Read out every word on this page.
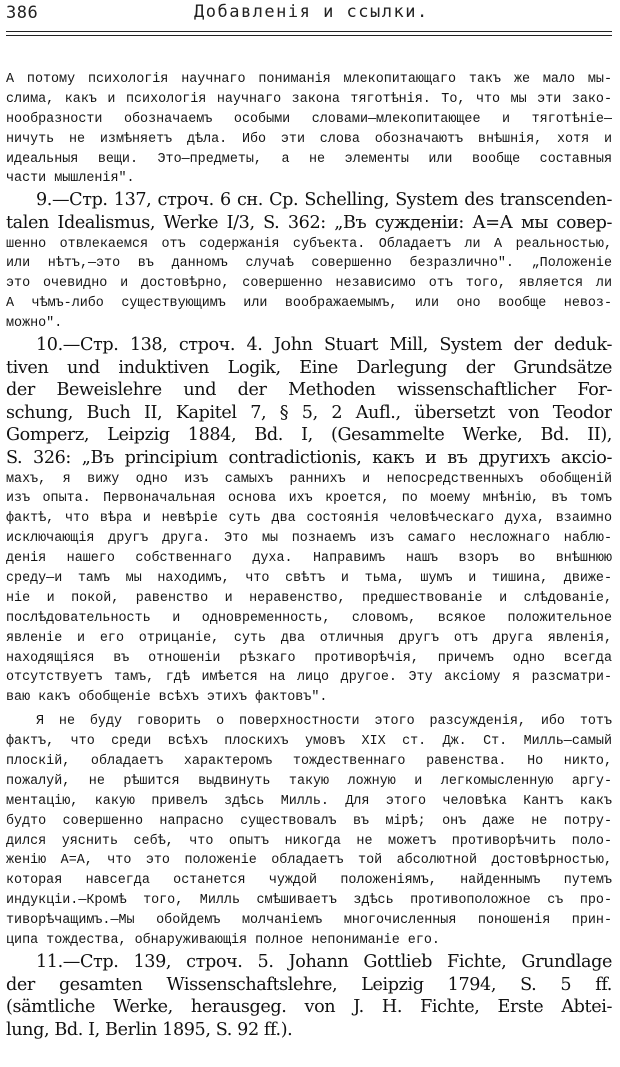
386	Добавленія и ссылки.
А потому психологія научнаго пониманія млекопитающаго такъ же мало мы-
слима, какъ и психологія научнаго закона тяготѣнія. То, что мы эти зако-
нообразности обозначаемъ особыми словами—млекопитающее и тяготѣніе—
ничуть не измѣняетъ дѣла. Ибо эти слова обозначаютъ внѣшнія, хотя и
идеальныя вещи. Это—предметы, а не элементы или вообще составныя
части мышленія".
9.—Стр. 137, строч. 6 сн. Cp. Schelling, System des transcenden-
talen Idealismus, Werke I/3, S. 362: „Въ сужденіи: А=А мы совер-
шенно отвлекаемся отъ содержанія субъекта. Обладаетъ ли А реальностью,
или нѣтъ,—это въ данномъ случаѣ совершенно безразлично". „Положеніе
это очевидно и достовѣрно, совершенно независимо отъ того, является ли
А чѣмъ-либо существующимъ или воображаемымъ, или оно вообще невоз-
можно".
10.—Стр. 138, строч. 4. John Stuart Mill, System der deduk-
tiven und induktiven Logik, Eine Darlegung der Grundsätze
der Beweislehre und der Methoden wissenschaftlicher For-
schung, Buch II, Kapitel 7, § 5, 2 Aufl., übersetzt von Teodor
Gomperz, Leipzig 1884, Bd. I, (Gesammelte Werke, Bd. II),
S. 326: „Въ principium contradictionis, какъ и въ другихъ аксіо-
махъ, я вижу одно изъ самыхъ раннихъ и непосредственныхъ обобщеній
изъ опыта. Первоначальная основа ихъ кроется, по моему мнѣнію, въ томъ
фактѣ, что вѣра и невѣріе суть два состоянія человѣческаго духа, взаимно
исключающія другъ друга. Это мы познаемъ изъ самаго несложнаго наблю-
денія нашего собственнаго духа. Направимъ нашъ взоръ во внѣшнюю
среду—и тамъ мы находимъ, что свѣтъ и тьма, шумъ и тишина, движе-
ніе и покой, равенство и неравенство, предшествованіе и слѣдованіе,
послѣдовательность и одновременность, словомъ, всякое положительное
явленіе и его отрицаніе, суть два отличныя другъ отъ друга явленія,
находящіяся въ отношеніи рѣзкаго противорѣчія, причемъ одно всегда
отсутствуетъ тамъ, гдѣ имѣется на лицо другое. Эту аксіому я разсматри-
ваю какъ обобщеніе всѣхъ этихъ фактовъ".
Я не буду говорить о поверхностности этого разсужденія, ибо тотъ
фактъ, что среди всѣхъ плоскихъ умовъ XIX ст. Дж. Ст. Милль—самый
плоскій, обладаетъ характеромъ тождественнаго равенства. Но никто,
пожалуй, не рѣшится выдвинуть такую ложную и легкомысленную аргу-
ментацію, какую привелъ здѣсь Милль. Для этого человѣка Кантъ какъ
будто совершенно напрасно существовалъ въ мірѣ; онъ даже не потру-
дился уяснить себѣ, что опытъ никогда не можетъ противорѣчить поло-
женію А=А, что это положеніе обладаетъ той абсолютной достовѣрностью,
которая навсегда останется чуждой положеніямъ, найденнымъ путемъ
индукціи.—Кромѣ того, Милль смѣшиваетъ здѣсь противоположное съ про-
тиворѣчащимъ.—Мы обойдемъ молчаніемъ многочисленныя поношенія прин-
ципа тождества, обнаруживающія полное непониманіе его.
11.—Стр. 139, строч. 5. Johann Gottlieb Fichte, Grundlage
der gesamten Wissenschaftslehre, Leipzig 1794, S. 5 ff.
(sämtliche Werke, herausgeg. von J. H. Fichte, Erste Abtei-
lung, Bd. I, Berlin 1895, S. 92 ff.).
